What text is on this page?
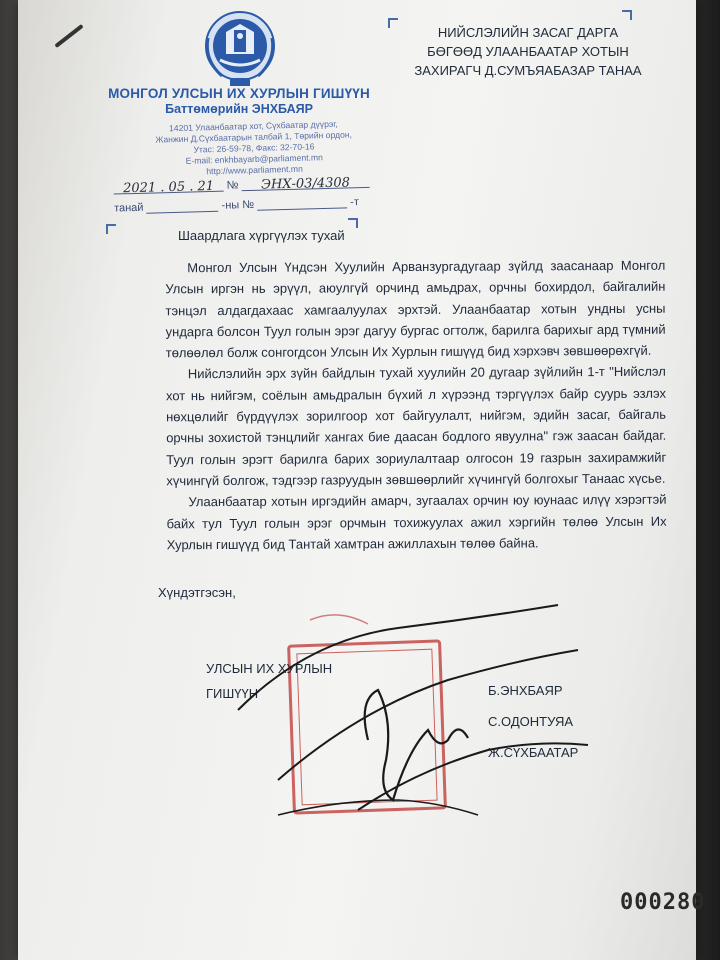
МОНГОЛ УЛСЫН ИХ ХУРЛЫН ГИШҮҮН
Баттөмөрийн ЭНХБАЯР
14201 Улаанбаатар хот, Сүхбаатар дүүрэг,
Жанжин Д.Сүхбаатарын талбай 1, Төрийн ордон,
Утас: 26-59-78, Факс: 32-70-16
E-mail: enkhbayarb@parliament.mn
http://www.parliament.mn
НИЙСЛЭЛИЙН ЗАСАГ ДАРГА
БӨГӨӨД УЛААНБААТАР ХОТЫН
ЗАХИРАГЧ Д.СУМЪЯАБАЗАР ТАНАА
2021 . 05 . 21 № ЭНХ-03/4308
танай	-ны №	-т
Шаардлага хүргүүлэх тухай

Монгол Улсын Үндсэн Хуулийн Арванзургадугаар зүйлд заасанаар Монгол Улсын иргэн нь эрүүл, аюулгүй орчинд амьдрах, орчны бохирдол, байгалийн тэнцэл алдагдахаас хамгаалуулах эрхтэй. Улаанбаатар хотын ундны усны ундарга болсон Туул голын эрэг дагуу бургас огтолж, барилга барихыг ард түмний төлөөлөл болж сонгогдсон Улсын Их Хурлын гишүүд бид хэрхэвч зөвшөөрөхгүй.

Нийслэлийн эрх зүйн байдлын тухай хуулийн 20 дугаар зүйлийн 1-т "Нийслэл хот нь нийгэм, соёлын амьдралын бүхий л хүрээнд тэргүүлэх байр суурь эзлэх нөхцөлийг бүрдүүлэх зорилгоор хот байгуулалт, нийгэм, эдийн засаг, байгаль орчны зохистой тэнцлийг хангах бие даасан бодлого явуулна" гэж заасан байдаг. Туул голын эрэгт барилга барих зориулалтаар олгосон 19 газрын захирамжийг хүчингүй болгож, тэдгээр газруудын зөвшөөрлийг хүчингүй болгохыг Танаас хүсье.

Улаанбаатар хотын иргэдийн амарч, зугаалах орчин юу юунаас илүү хэрэгтэй байх тул Туул голын эрэг орчмын тохижуулах ажил хэргийн төлөө Улсын Их Хурлын гишүүд бид Тантай хамтран ажиллахын төлөө байна.

Хүндэтгэсэн,
УЛСЫН ИХ ХУРЛЫН
ГИШҮҮН	Б.ЭНХБАЯР
С.ОДОНТУЯА
Ж.СҮХБААТАР
000280
